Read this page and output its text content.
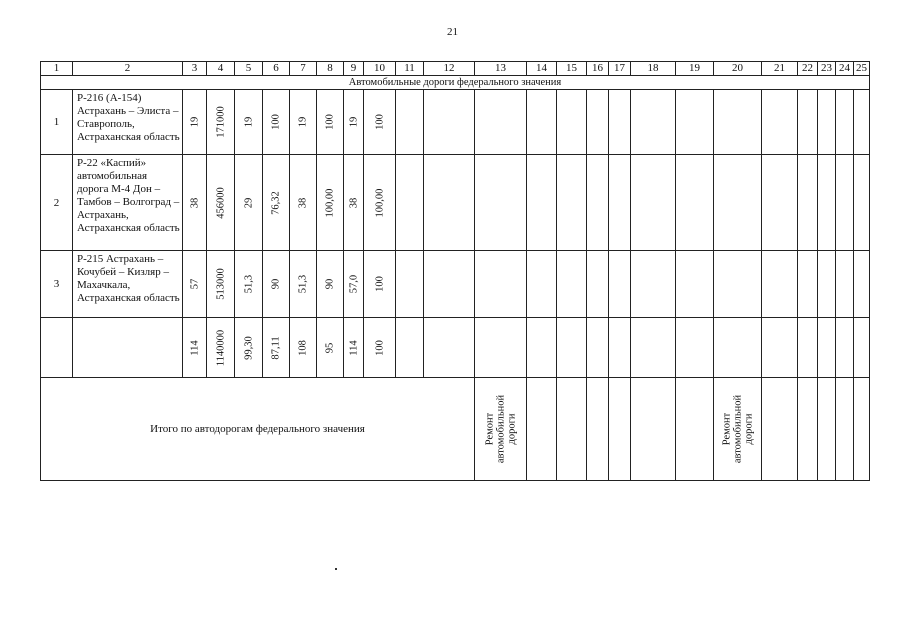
21
1	2	3	4	5	6	7	8	9	10	11	12	13	14	15	16	17	18	19	20	21	22	23	24	25
Автомобильные дороги федерального значения																								
1	Р-216 (А-154) Астрахань – Элиста – Ставрополь, Астраханская область	19	171000	19	100	19	100	19	100															

2	Р-22 «Каспий» автомобильная дорога М-4 Дон – Тамбов – Волгоград – Астрахань, Астраханская область	38	456000	29	76,32	38	100,00	38	100,00															

3	Р-215 Астрахань – Кочубей – Кизляр – Махачкала, Астраханская область	57	513000	51,3	90	51,3	90	57,0	100															

		114	1140000	99,30	87,11	108	95	114	100															

Итого по автодорогам федерального значения												Ремонт автомобильной дороги							Ремонт автомобильной дороги					
